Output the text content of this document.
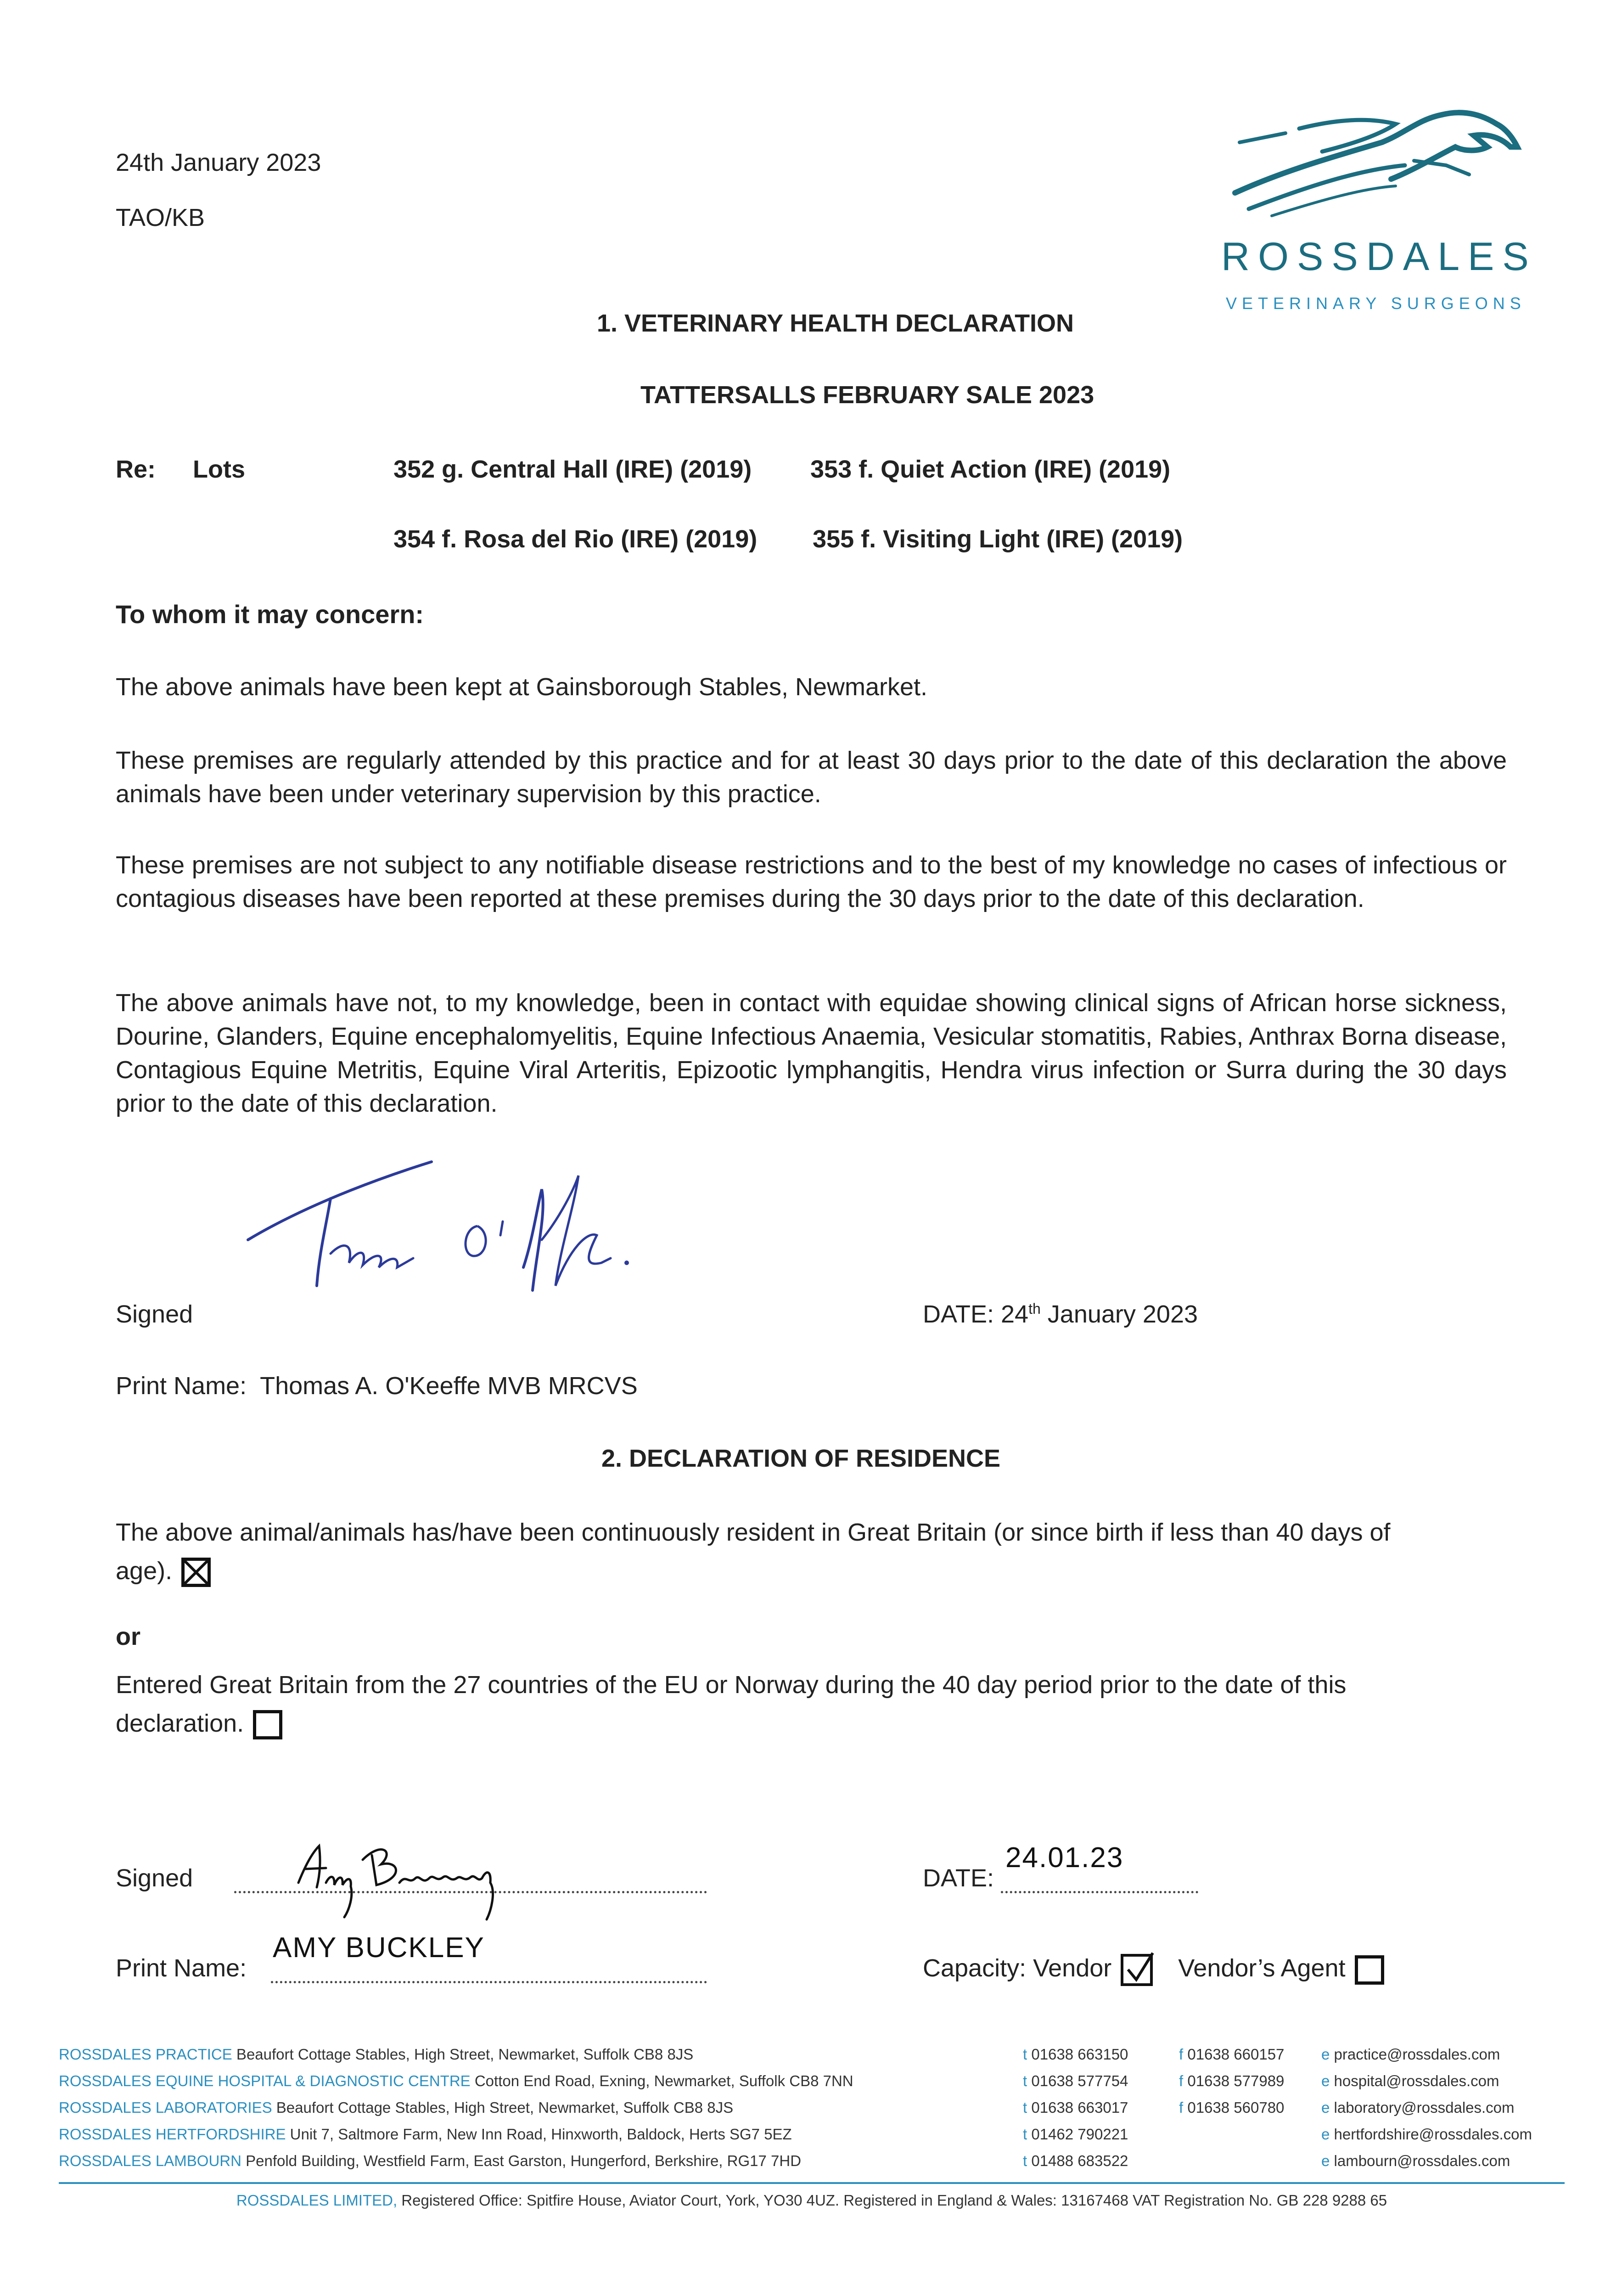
24th January 2023
TAO/KB
ROSSDALES
VETERINARY SURGEONS
1. VETERINARY HEALTH DECLARATION
TATTERSALLS FEBRUARY SALE 2023
Re: Lots	352 g. Central Hall (IRE) (2019) 353 f. Quiet Action (IRE) (2019)
354 f. Rosa del Rio (IRE) (2019) 355 f. Visiting Light (IRE) (2019)
To whom it may concern:
The above animals have been kept at Gainsborough Stables, Newmarket.
These premises are regularly attended by this practice and for at least 30 days prior to the date of this declaration the above animals have been under veterinary supervision by this practice.
These premises are not subject to any notifiable disease restrictions and to the best of my knowledge no cases of infectious or contagious diseases have been reported at these premises during the 30 days prior to the date of this declaration.
The above animals have not, to my knowledge, been in contact with equidae showing clinical signs of African horse sickness, Dourine, Glanders, Equine encephalomyelitis, Equine Infectious Anaemia, Vesicular stomatitis, Rabies, Anthrax Borna disease, Contagious Equine Metritis, Equine Viral Arteritis, Epizootic lymphangitis, Hendra virus infection or Surra during the 30 days prior to the date of this declaration.
Signed	DATE: 24th January 2023
Print Name: Thomas A. O'Keeffe MVB MRCVS
2. DECLARATION OF RESIDENCE
The above animal/animals has/have been continuously resident in Great Britain (or since birth if less than 40 days of age).
or
Entered Great Britain from the 27 countries of the EU or Norway during the 40 day period prior to the date of this declaration.
Signed	DATE:
24.01.23
Print Name:
AMY BUCKLEY
Capacity: Vendor	Vendor’s Agent
ROSSDALES PRACTICE Beaufort Cottage Stables, High Street, Newmarket, Suffolk CB8 8JS	t 01638 663150	f 01638 660157 e practice@rossdales.com
ROSSDALES EQUINE HOSPITAL & DIAGNOSTIC CENTRE Cotton End Road, Exning, Newmarket, Suffolk CB8 7NN	t 01638 577754	f 01638 577989 e hospital@rossdales.com
ROSSDALES LABORATORIES Beaufort Cottage Stables, High Street, Newmarket, Suffolk CB8 8JS	t 01638 663017	f 01638 560780 e laboratory@rossdales.com
ROSSDALES HERTFORDSHIRE Unit 7, Saltmore Farm, New Inn Road, Hinxworth, Baldock, Herts SG7 5EZ	t 01462 790221	e hertfordshire@rossdales.com
ROSSDALES LAMBOURN Penfold Building, Westfield Farm, East Garston, Hungerford, Berkshire, RG17 7HD	t 01488 683522	e lambourn@rossdales.com
ROSSDALES LIMITED, Registered Office: Spitfire House, Aviator Court, York, YO30 4UZ. Registered in England & Wales: 13167468 VAT Registration No. GB 228 9288 65
